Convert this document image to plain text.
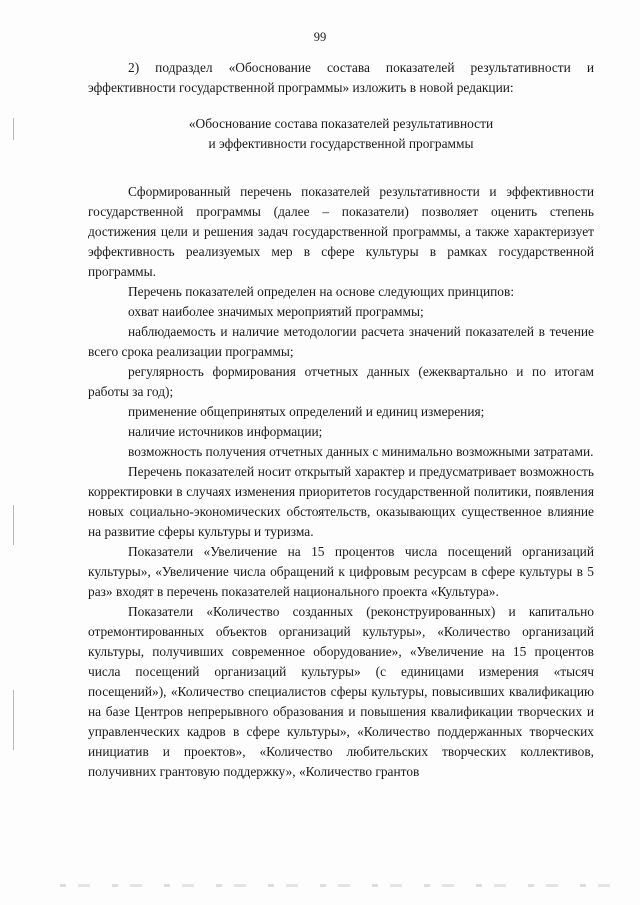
99

2) подраздел «Обоснование состава показателей результативности и эффективности государственной программы» изложить в новой редакции:

«Обоснование состава показателей результативности
и эффективности государственной программы

Сформированный перечень показателей результативности и эффективности государственной программы (далее – показатели) позволяет оценить степень достижения цели и решения задач государственной программы, а также характеризует эффективность реализуемых мер в сфере культуры в рамках государственной программы.

Перечень показателей определен на основе следующих принципов:

охват наиболее значимых мероприятий программы;

наблюдаемость и наличие методологии расчета значений показателей в течение всего срока реализации программы;

регулярность формирования отчетных данных (ежеквартально и по итогам работы за год);

применение общепринятых определений и единиц измерения;

наличие источников информации;

возможность получения отчетных данных с минимально возможными затратами.

Перечень показателей носит открытый характер и предусматривает возможность корректировки в случаях изменения приоритетов государственной политики, появления новых социально-экономических обстоятельств, оказывающих существенное влияние на развитие сферы культуры и туризма.

Показатели «Увеличение на 15 процентов числа посещений организаций культуры», «Увеличение числа обращений к цифровым ресурсам в сфере культуры в 5 раз» входят в перечень показателей национального проекта «Культура».

Показатели «Количество созданных (реконструированных) и капитально отремонтированных объектов организаций культуры», «Количество организаций культуры, получивших современное оборудование», «Увеличение на 15 процентов числа посещений организаций культуры» (с единицами измерения «тысяч посещений»), «Количество специалистов сферы культуры, повысивших квалификацию на базе Центров непрерывного образования и повышения квалификации творческих и управленческих кадров в сфере культуры», «Количество поддержанных творческих инициатив и проектов», «Количество любительских творческих коллективов, получивних грантовую поддержку», «Количество грантов
